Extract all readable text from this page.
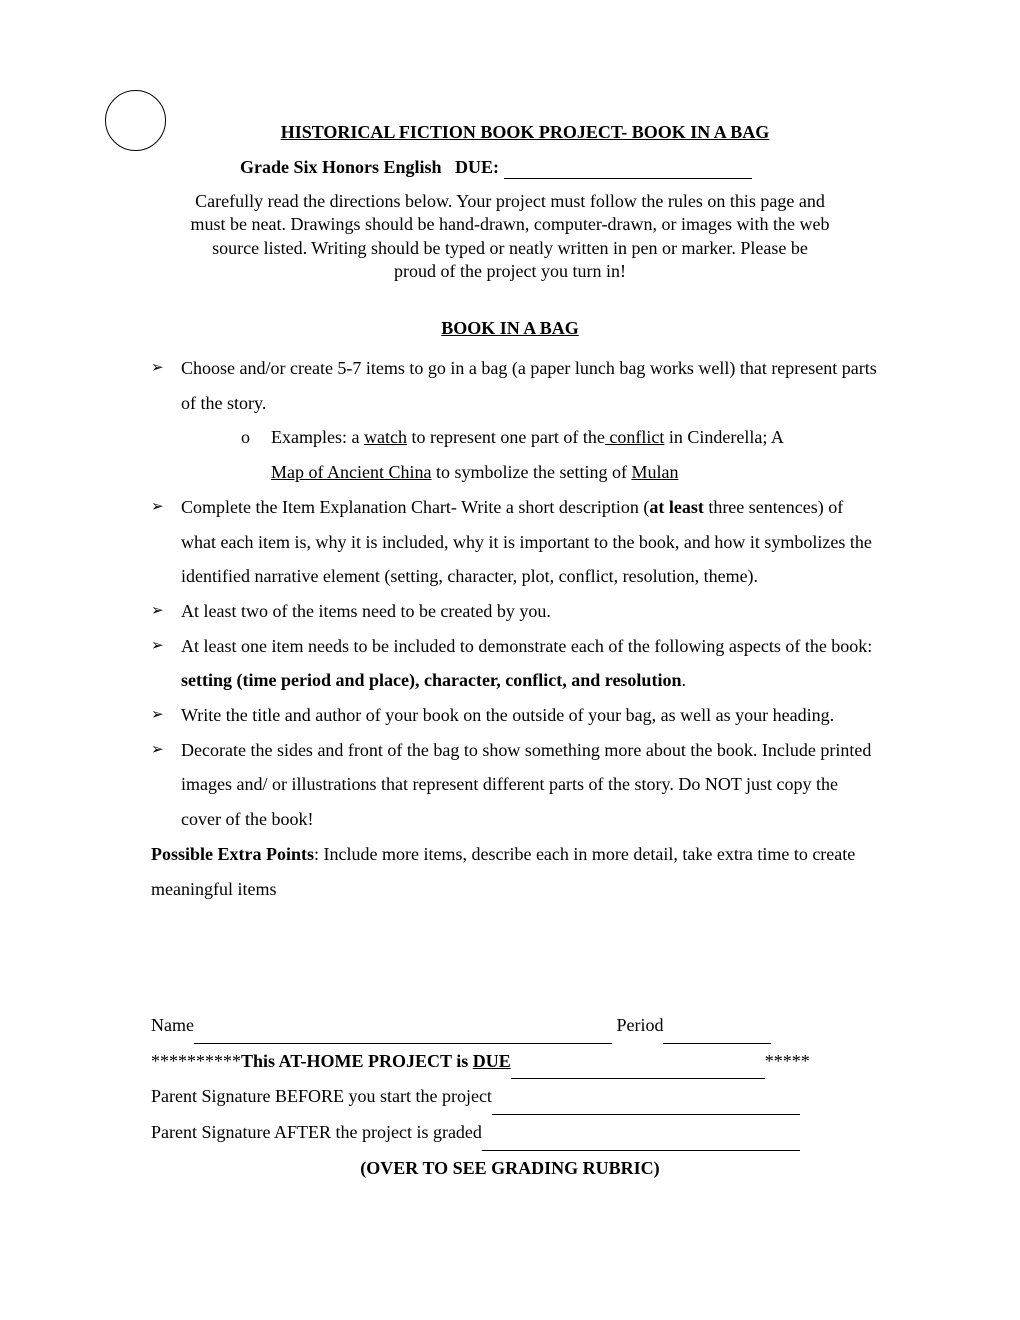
HISTORICAL FICTION BOOK PROJECT- BOOK IN A BAG
Grade Six Honors English   DUE:
Carefully read the directions below. Your project must follow the rules on this page and
must be neat. Drawings should be hand-drawn, computer-drawn, or images with the web
source listed. Writing should be typed or neatly written in pen or marker. Please be
proud of the project you turn in!
BOOK IN A BAG
➢ Choose and/or create 5-7 items to go in a bag (a paper lunch bag works well) that represent parts of the story.
o Examples: a watch to represent one part of the conflict in Cinderella; A
Map of Ancient China to symbolize the setting of Mulan
➢ Complete the Item Explanation Chart- Write a short description (at least three sentences) of what each item is, why it is included, why it is important to the book, and how it symbolizes the identified narrative element (setting, character, plot, conflict, resolution, theme).
➢ At least two of the items need to be created by you.
➢ At least one item needs to be included to demonstrate each of the following aspects of the book: setting (time period and place), character, conflict, and resolution.
➢ Write the title and author of your book on the outside of your bag, as well as your heading.
➢ Decorate the sides and front of the bag to show something more about the book. Include printed images and/ or illustrations that represent different parts of the story. Do NOT just copy the cover of the book!
Possible Extra Points: Include more items, describe each in more detail, take extra time to create meaningful items
Name	Period
**********This AT-HOME PROJECT is DUE	*****
Parent Signature BEFORE you start the project
Parent Signature AFTER the project is graded
(OVER TO SEE GRADING RUBRIC)
